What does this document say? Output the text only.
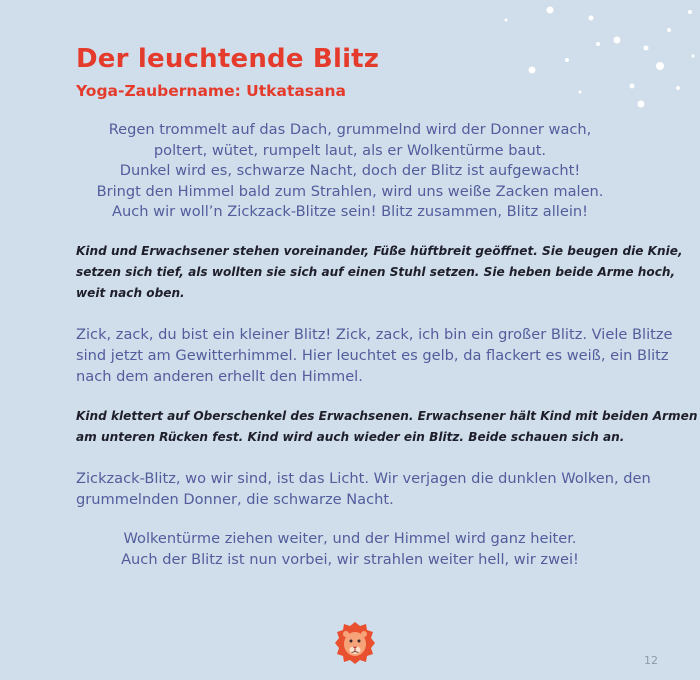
Der leuchtende Blitz
Yoga-Zaubername: Utkatasana
Regen trommelt auf das Dach, grummelnd wird der Donner wach,
poltert, wütet, rumpelt laut, als er Wolkentürme baut.
Dunkel wird es, schwarze Nacht, doch der Blitz ist aufgewacht!
Bringt den Himmel bald zum Strahlen, wird uns weiße Zacken malen.
Auch wir woll’n Zickzack-Blitze sein! Blitz zusammen, Blitz allein!
Kind und Erwachsener stehen voreinander, Füße hüftbreit geöffnet. Sie beugen die Knie,
setzen sich tief, als wollten sie sich auf einen Stuhl setzen. Sie heben beide Arme hoch,
weit nach oben.
Zick, zack, du bist ein kleiner Blitz! Zick, zack, ich bin ein großer Blitz. Viele Blitze
sind jetzt am Gewitterhimmel. Hier leuchtet es gelb, da flackert es weiß, ein Blitz
nach dem anderen erhellt den Himmel.
Kind klettert auf Oberschenkel des Erwachsenen. Erwachsener hält Kind mit beiden Armen
am unteren Rücken fest. Kind wird auch wieder ein Blitz. Beide schauen sich an.
Zickzack-Blitz, wo wir sind, ist das Licht. Wir verjagen die dunklen Wolken, den
grummelnden Donner, die schwarze Nacht.
Wolkentürme ziehen weiter, und der Himmel wird ganz heiter.
Auch der Blitz ist nun vorbei, wir strahlen weiter hell, wir zwei!
12
